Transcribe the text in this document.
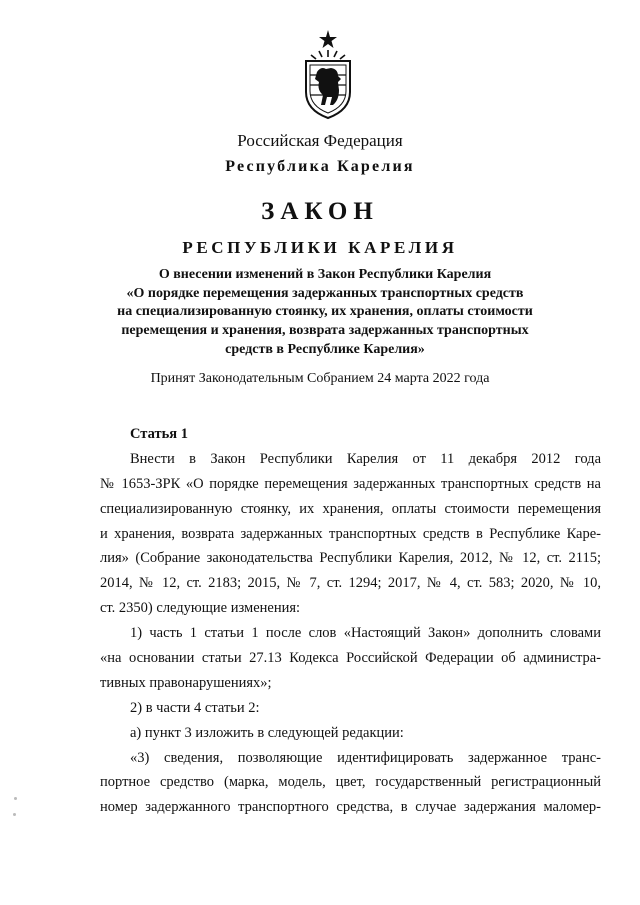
Российская Федерация
Республика Карелия
ЗАКОН
РЕСПУБЛИКИ КАРЕЛИЯ
О внесении изменений в Закон Республики Карелия
«О порядке перемещения задержанных транспортных средств
на специализированную стоянку, их хранения, оплаты стоимости
перемещения и хранения, возврата задержанных транспортных
средств в Республике Карелия»
Принят Законодательным Собранием 24 марта 2022 года
Статья 1
Внести в Закон Республики Карелия от 11 декабря 2012 года
№ 1653-ЗРК «О порядке перемещения задержанных транспортных средств на
специализированную стоянку, их хранения, оплаты стоимости перемещения
и хранения, возврата задержанных транспортных средств в Республике Каре-
лия» (Собрание законодательства Республики Карелия, 2012, № 12, ст. 2115;
2014, № 12, ст. 2183; 2015, № 7, ст. 1294; 2017, № 4, ст. 583; 2020, № 10,
ст. 2350) следующие изменения:
1) часть 1 статьи 1 после слов «Настоящий Закон» дополнить словами
«на основании статьи 27.13 Кодекса Российской Федерации об администра-
тивных правонарушениях»;
2) в части 4 статьи 2:
а) пункт 3 изложить в следующей редакции:
«3) сведения, позволяющие идентифицировать задержанное транс-
портное средство (марка, модель, цвет, государственный регистрационный
номер задержанного транспортного средства, в случае задержания маломер-
